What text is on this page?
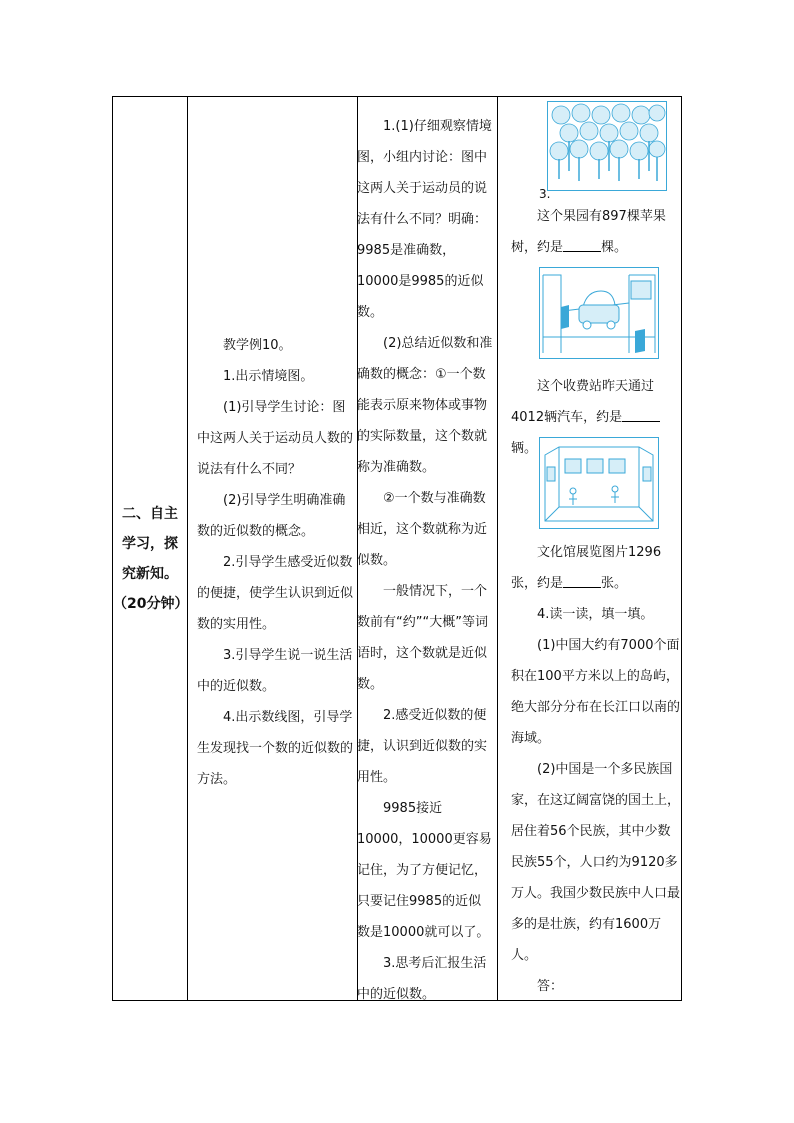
二、自主
学习，探
究新知。
（20分钟）

教学例10。

1.出示情境图。

(1)引导学生讨论：图中这两人关于运动员人数的说法有什么不同？

(2)引导学生明确准确数的近似数的概念。

2.引导学生感受近似数的便捷，使学生认识到近似数的实用性。

3.引导学生说一说生活中的近似数。

4.出示数线图，引导学生发现找一个数的近似数的方法。

1.(1)仔细观察情境图，小组内讨论：图中这两人关于运动员的说法有什么不同？明确：9985是准确数，10000是9985的近似数。

(2)总结近似数和准确数的概念：①一个数能表示原来物体或事物的实际数量，这个数就称为准确数。

②一个数与准确数相近，这个数就称为近似数。

一般情况下，一个数前有“约”“大概”等词语时，这个数就是近似数。

2.感受近似数的便捷，认识到近似数的实用性。

9985接近10000，10000更容易记住，为了方便记忆，只要记住9985的近似数是10000就可以了。

3.思考后汇报生活中的近似数。

3.

这个果园有897棵苹果树，约是	棵。

这个收费站昨天通过4012辆汽车，约是辆。

文化馆展览图片1296张，约是	张。

4.读一读，填一填。

(1)中国大约有7000个面积在100平方米以上的岛屿，绝大部分分布在长江口以南的海域。

(2)中国是一个多民族国家，在这辽阔富饶的国土上，居住着56个民族，其中少数民族55个，人口约为9120多万人。我国少数民族中人口最多的是壮族，约有1600万人。

答：
